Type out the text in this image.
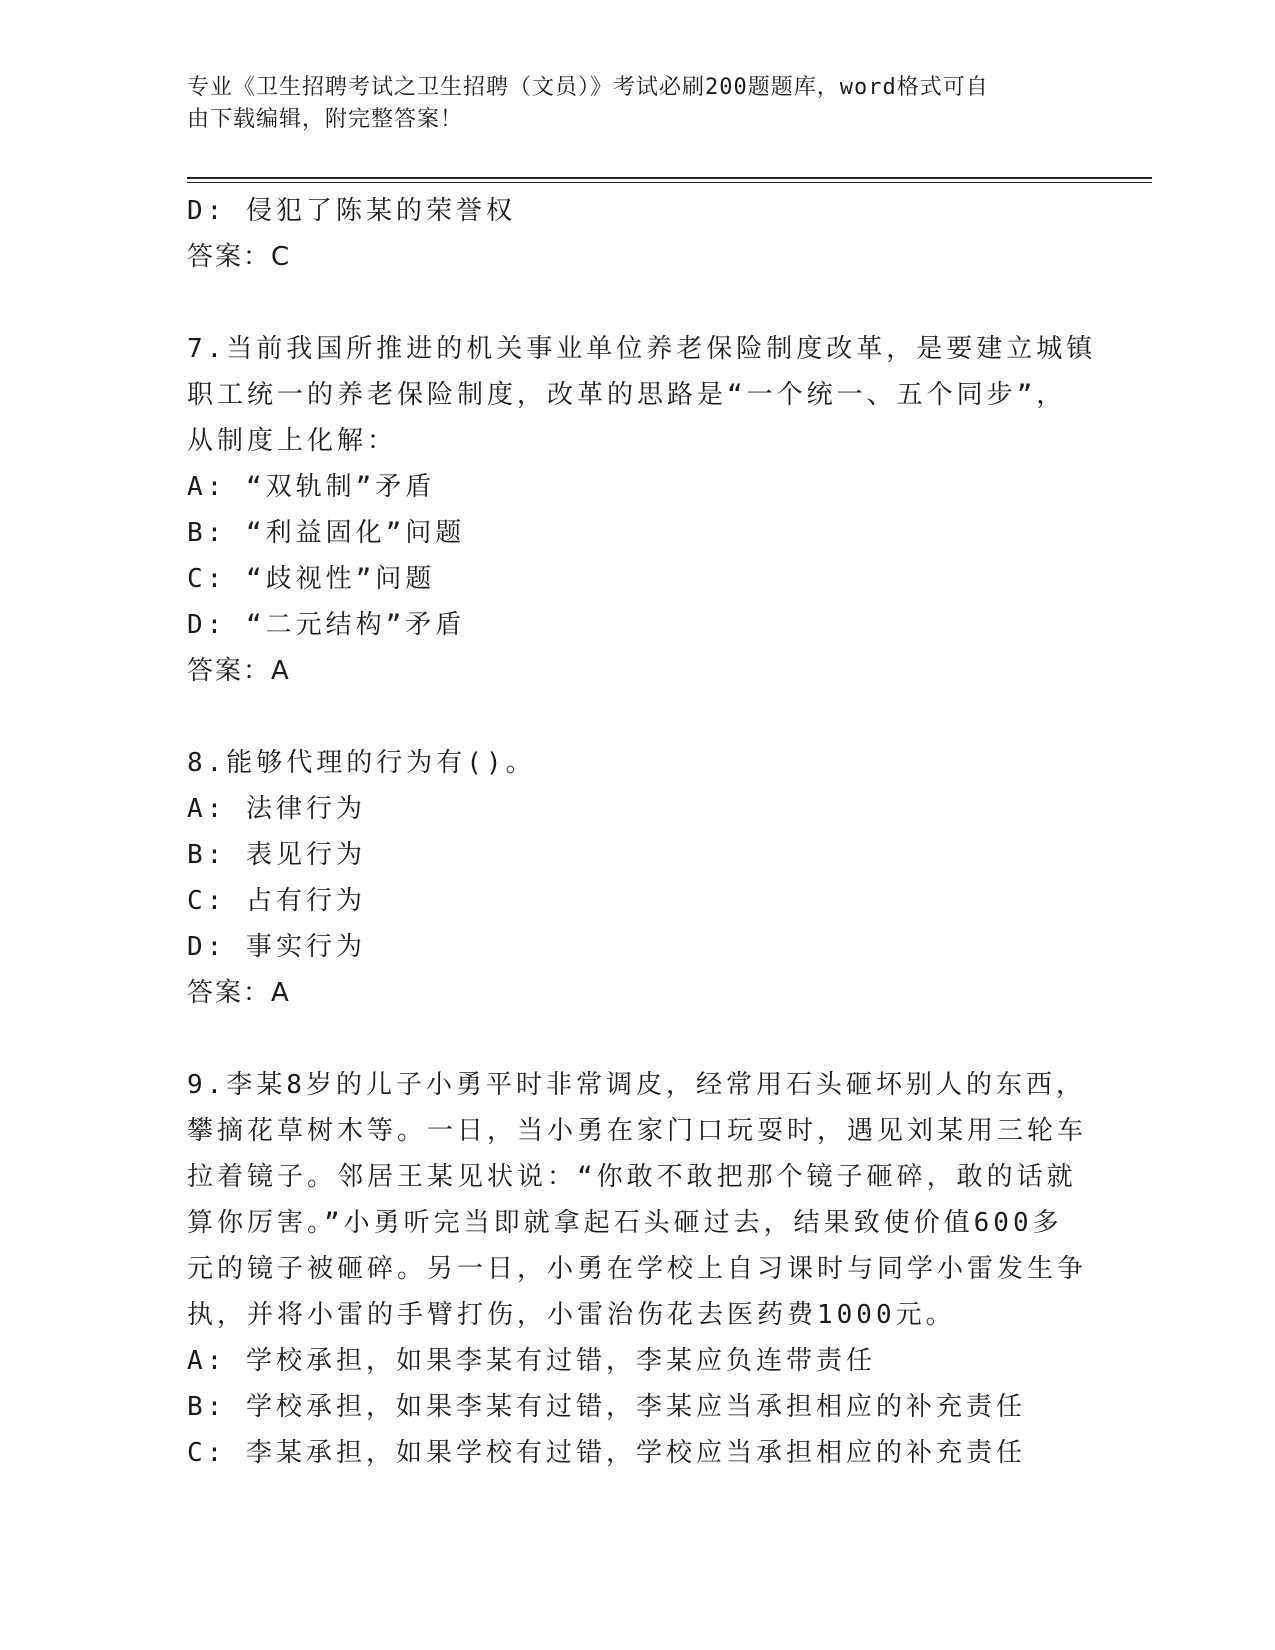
专业《卫生招聘考试之卫生招聘（文员）》考试必刷200题题库，word格式可自
由下载编辑，附完整答案！
D: 侵犯了陈某的荣誉权
答案：C
7.当前我国所推进的机关事业单位养老保险制度改革，是要建立城镇
职工统一的养老保险制度，改革的思路是“一个统一、五个同步”，
从制度上化解：
A: “双轨制”矛盾
B: “利益固化”问题
C: “歧视性”问题
D: “二元结构”矛盾
答案：A
8.能够代理的行为有()。
A: 法律行为
B: 表见行为
C: 占有行为
D: 事实行为
答案：A
9.李某8岁的儿子小勇平时非常调皮，经常用石头砸坏别人的东西，
攀摘花草树木等。一日，当小勇在家门口玩耍时，遇见刘某用三轮车
拉着镜子。邻居王某见状说：“你敢不敢把那个镜子砸碎，敢的话就
算你厉害。”小勇听完当即就拿起石头砸过去，结果致使价值600多
元的镜子被砸碎。另一日，小勇在学校上自习课时与同学小雷发生争
执，并将小雷的手臂打伤，小雷治伤花去医药费1000元。
A: 学校承担，如果李某有过错，李某应负连带责任
B: 学校承担，如果李某有过错，李某应当承担相应的补充责任
C: 李某承担，如果学校有过错，学校应当承担相应的补充责任
